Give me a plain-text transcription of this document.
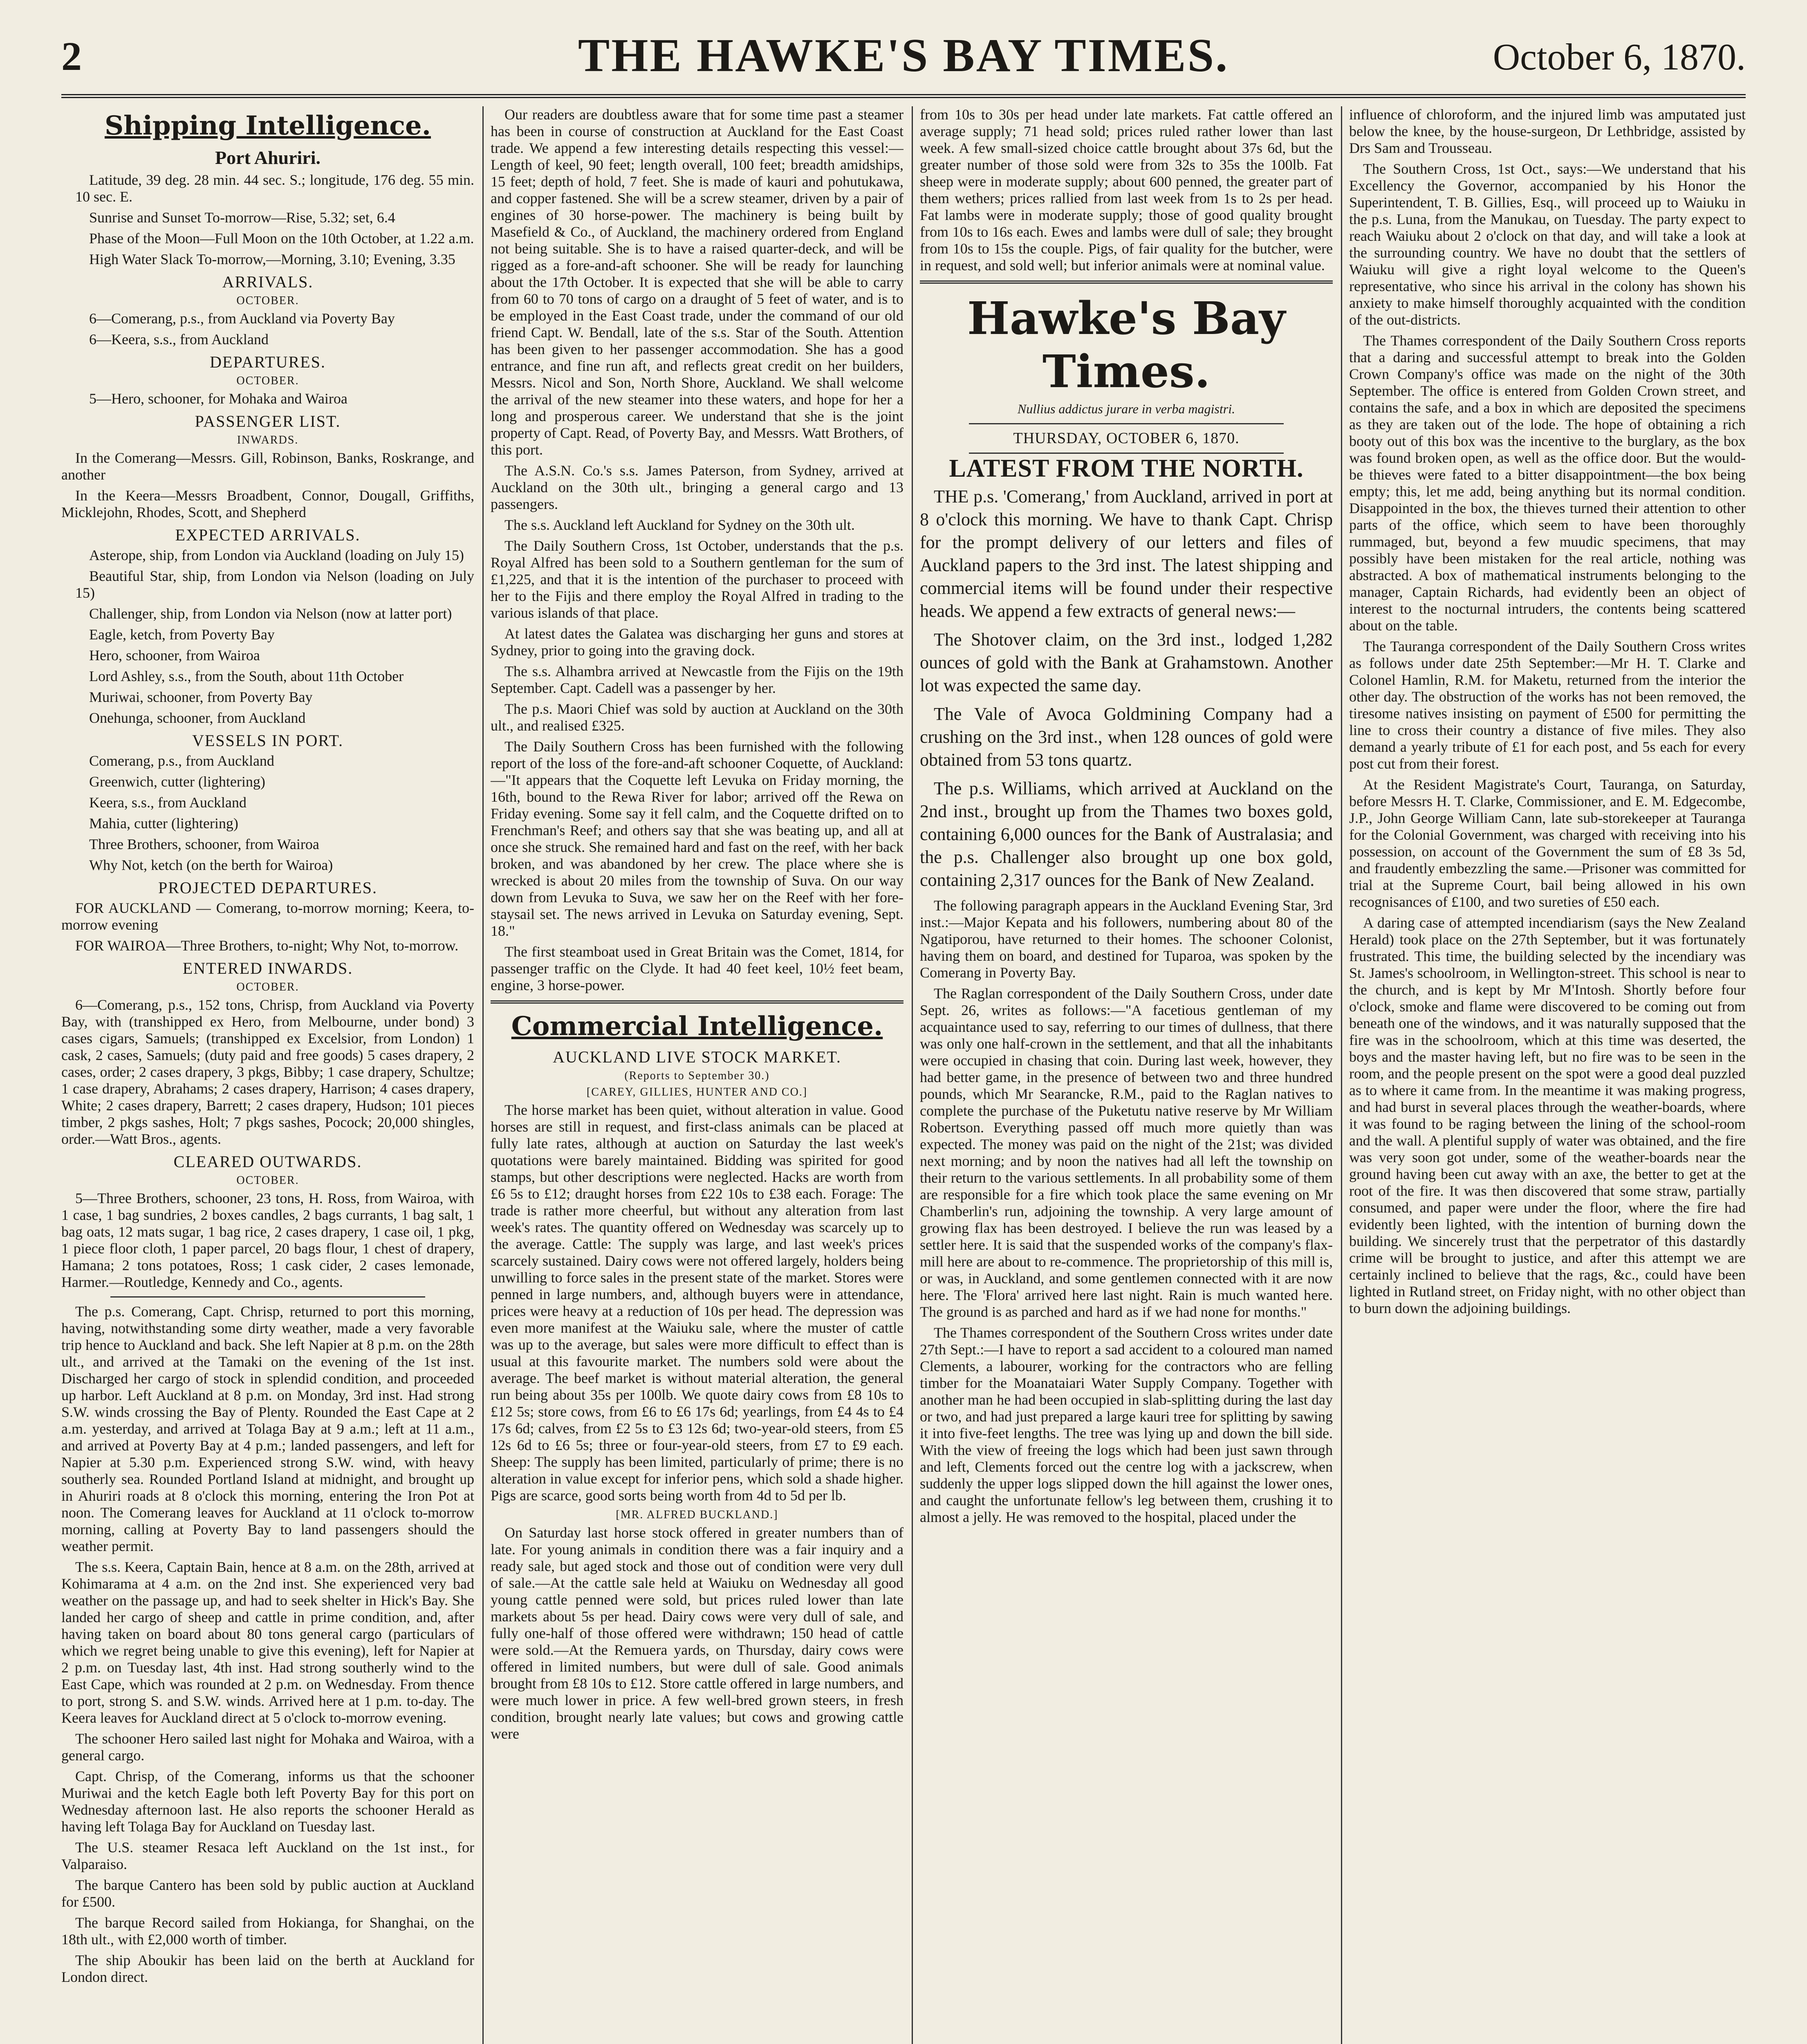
2	THE HAWKE'S BAY TIMES.	October 6, 1870.
Shipping Intelligence.
Port Ahuriri.

Latitude, 39 deg. 28 min. 44 sec. S.; longitude, 176 deg. 55 min. 10 sec. E.

Sunrise and Sunset To-morrow—Rise, 5.32; set, 6.4

Phase of the Moon—Full Moon on the 10th October, at 1.22 a.m.

High Water Slack To-morrow,—Morning, 3.10; Evening, 3.35

ARRIVALS.
OCTOBER.

6—Comerang, p.s., from Auckland via Poverty Bay

6—Keera, s.s., from Auckland

DEPARTURES.
OCTOBER.

5—Hero, schooner, for Mohaka and Wairoa

PASSENGER LIST.
INWARDS.

In the Comerang—Messrs. Gill, Robinson, Banks, Roskrange, and another

In the Keera—Messrs Broadbent, Connor, Dougall, Griffiths, Micklejohn, Rhodes, Scott, and Shepherd

EXPECTED ARRIVALS.

Asterope, ship, from London via Auckland (loading on July 15)

Beautiful Star, ship, from London via Nelson (loading on July 15)

Challenger, ship, from London via Nelson (now at latter port)

Eagle, ketch, from Poverty Bay

Hero, schooner, from Wairoa

Lord Ashley, s.s., from the South, about 11th October

Muriwai, schooner, from Poverty Bay

Onehunga, schooner, from Auckland

VESSELS IN PORT.

Comerang, p.s., from Auckland

Greenwich, cutter (lightering)

Keera, s.s., from Auckland

Mahia, cutter (lightering)

Three Brothers, schooner, from Wairoa

Why Not, ketch (on the berth for Wairoa)

PROJECTED DEPARTURES.

FOR AUCKLAND — Comerang, to-morrow morning; Keera, to-morrow evening

FOR WAIROA—Three Brothers, to-night; Why Not, to-morrow.

ENTERED INWARDS.
OCTOBER.

6—Comerang, p.s., 152 tons, Chrisp, from Auckland via Poverty Bay, with (transhipped ex Hero, from Melbourne, under bond) 3 cases cigars, Samuels; (transhipped ex Excelsior, from London) 1 cask, 2 cases, Samuels; (duty paid and free goods) 5 cases drapery, 2 cases, order; 2 cases drapery, 3 pkgs, Bibby; 1 case drapery, Schultze; 1 case drapery, Abrahams; 2 cases drapery, Harrison; 4 cases drapery, White; 2 cases drapery, Barrett; 2 cases drapery, Hudson; 101 pieces timber, 2 pkgs sashes, Holt; 7 pkgs sashes, Pocock; 20,000 shingles, order.—Watt Bros., agents.

CLEARED OUTWARDS.
OCTOBER.

5—Three Brothers, schooner, 23 tons, H. Ross, from Wairoa, with 1 case, 1 bag sundries, 2 boxes candles, 2 bags currants, 1 bag salt, 1 bag oats, 12 mats sugar, 1 bag rice, 2 cases drapery, 1 case oil, 1 pkg, 1 piece floor cloth, 1 paper parcel, 20 bags flour, 1 chest of drapery, Hamana; 2 tons potatoes, Ross; 1 cask cider, 2 cases lemonade, Harmer.—Routledge, Kennedy and Co., agents.

The p.s. Comerang, Capt. Chrisp, returned to port this morning, having, notwithstanding some dirty weather, made a very favorable trip hence to Auckland and back. She left Napier at 8 p.m. on the 28th ult., and arrived at the Tamaki on the evening of the 1st inst. Discharged her cargo of stock in splendid condition, and proceeded up harbor. Left Auckland at 8 p.m. on Monday, 3rd inst. Had strong S.W. winds crossing the Bay of Plenty. Rounded the East Cape at 2 a.m. yesterday, and arrived at Tolaga Bay at 9 a.m.; left at 11 a.m., and arrived at Poverty Bay at 4 p.m.; landed passengers, and left for Napier at 5.30 p.m. Experienced strong S.W. wind, with heavy southerly sea. Rounded Portland Island at midnight, and brought up in Ahuriri roads at 8 o'clock this morning, entering the Iron Pot at noon. The Comerang leaves for Auckland at 11 o'clock to-morrow morning, calling at Poverty Bay to land passengers should the weather permit.

The s.s. Keera, Captain Bain, hence at 8 a.m. on the 28th, arrived at Kohimarama at 4 a.m. on the 2nd inst. She experienced very bad weather on the passage up, and had to seek shelter in Hick's Bay. She landed her cargo of sheep and cattle in prime condition, and, after having taken on board about 80 tons general cargo (particulars of which we regret being unable to give this evening), left for Napier at 2 p.m. on Tuesday last, 4th inst. Had strong southerly wind to the East Cape, which was rounded at 2 p.m. on Wednesday. From thence to port, strong S. and S.W. winds. Arrived here at 1 p.m. to-day. The Keera leaves for Auckland direct at 5 o'clock to-morrow evening.

The schooner Hero sailed last night for Mohaka and Wairoa, with a general cargo.

Capt. Chrisp, of the Comerang, informs us that the schooner Muriwai and the ketch Eagle both left Poverty Bay for this port on Wednesday afternoon last. He also reports the schooner Herald as having left Tolaga Bay for Auckland on Tuesday last.

The U.S. steamer Resaca left Auckland on the 1st inst., for Valparaiso.

The barque Cantero has been sold by public auction at Auckland for £500.

The barque Record sailed from Hokianga, for Shanghai, on the 18th ult., with £2,000 worth of timber.

The ship Aboukir has been laid on the berth at Auckland for London direct.

Our readers are doubtless aware that for some time past a steamer has been in course of construction at Auckland for the East Coast trade. We append a few interesting details respecting this vessel:—Length of keel, 90 feet; length overall, 100 feet; breadth amidships, 15 feet; depth of hold, 7 feet. She is made of kauri and pohutukawa, and copper fastened. She will be a screw steamer, driven by a pair of engines of 30 horse-power. The machinery is being built by Masefield & Co., of Auckland, the machinery ordered from England not being suitable. She is to have a raised quarter-deck, and will be rigged as a fore-and-aft schooner. She will be ready for launching about the 17th October. It is expected that she will be able to carry from 60 to 70 tons of cargo on a draught of 5 feet of water, and is to be employed in the East Coast trade, under the command of our old friend Capt. W. Bendall, late of the s.s. Star of the South. Attention has been given to her passenger accommodation. She has a good entrance, and fine run aft, and reflects great credit on her builders, Messrs. Nicol and Son, North Shore, Auckland. We shall welcome the arrival of the new steamer into these waters, and hope for her a long and prosperous career. We understand that she is the joint property of Capt. Read, of Poverty Bay, and Messrs. Watt Brothers, of this port.

The A.S.N. Co.'s s.s. James Paterson, from Sydney, arrived at Auckland on the 30th ult., bringing a general cargo and 13 passengers.

The s.s. Auckland left Auckland for Sydney on the 30th ult.

The Daily Southern Cross, 1st October, understands that the p.s. Royal Alfred has been sold to a Southern gentleman for the sum of £1,225, and that it is the intention of the purchaser to proceed with her to the Fijis and there employ the Royal Alfred in trading to the various islands of that place.

At latest dates the Galatea was discharging her guns and stores at Sydney, prior to going into the graving dock.

The s.s. Alhambra arrived at Newcastle from the Fijis on the 19th September. Capt. Cadell was a passenger by her.

The p.s. Maori Chief was sold by auction at Auckland on the 30th ult., and realised £325.

The Daily Southern Cross has been furnished with the following report of the loss of the fore-and-aft schooner Coquette, of Auckland:—"It appears that the Coquette left Levuka on Friday morning, the 16th, bound to the Rewa River for labor; arrived off the Rewa on Friday evening. Some say it fell calm, and the Coquette drifted on to Frenchman's Reef; and others say that she was beating up, and all at once she struck. She remained hard and fast on the reef, with her back broken, and was abandoned by her crew. The place where she is wrecked is about 20 miles from the township of Suva. On our way down from Levuka to Suva, we saw her on the Reef with her fore-staysail set. The news arrived in Levuka on Saturday evening, Sept. 18."

The first steamboat used in Great Britain was the Comet, 1814, for passenger traffic on the Clyde. It had 40 feet keel, 10½ feet beam, engine, 3 horse-power.

Commercial Intelligence.
AUCKLAND LIVE STOCK MARKET.
(Reports to September 30.)
[CAREY, GILLIES, HUNTER AND CO.]

The horse market has been quiet, without alteration in value. Good horses are still in request, and first-class animals can be placed at fully late rates, although at auction on Saturday the last week's quotations were barely maintained. Bidding was spirited for good stamps, but other descriptions were neglected. Hacks are worth from £6 5s to £12; draught horses from £22 10s to £38 each. Forage: The trade is rather more cheerful, but without any alteration from last week's rates. The quantity offered on Wednesday was scarcely up to the average. Cattle: The supply was large, and last week's prices scarcely sustained. Dairy cows were not offered largely, holders being unwilling to force sales in the present state of the market. Stores were penned in large numbers, and, although buyers were in attendance, prices were heavy at a reduction of 10s per head. The depression was even more manifest at the Waiuku sale, where the muster of cattle was up to the average, but sales were more difficult to effect than is usual at this favourite market. The numbers sold were about the average. The beef market is without material alteration, the general run being about 35s per 100lb. We quote dairy cows from £8 10s to £12 5s; store cows, from £6 to £6 17s 6d; yearlings, from £4 4s to £4 17s 6d; calves, from £2 5s to £3 12s 6d; two-year-old steers, from £5 12s 6d to £6 5s; three or four-year-old steers, from £7 to £9 each. Sheep: The supply has been limited, particularly of prime; there is no alteration in value except for inferior pens, which sold a shade higher. Pigs are scarce, good sorts being worth from 4d to 5d per lb.

[MR. ALFRED BUCKLAND.]

On Saturday last horse stock offered in greater numbers than of late. For young animals in condition there was a fair inquiry and a ready sale, but aged stock and those out of condition were very dull of sale.—At the cattle sale held at Waiuku on Wednesday all good young cattle penned were sold, but prices ruled lower than late markets about 5s per head. Dairy cows were very dull of sale, and fully one-half of those offered were withdrawn; 150 head of cattle were sold.—At the Remuera yards, on Thursday, dairy cows were offered in limited numbers, but were dull of sale. Good animals brought from £8 10s to £12. Store cattle offered in large numbers, and were much lower in price. A few well-bred grown steers, in fresh condition, brought nearly late values; but cows and growing cattle were

from 10s to 30s per head under late markets. Fat cattle offered an average supply; 71 head sold; prices ruled rather lower than last week. A few small-sized choice cattle brought about 37s 6d, but the greater number of those sold were from 32s to 35s the 100lb. Fat sheep were in moderate supply; about 600 penned, the greater part of them wethers; prices rallied from last week from 1s to 2s per head. Fat lambs were in moderate supply; those of good quality brought from 10s to 16s each. Ewes and lambs were dull of sale; they brought from 10s to 15s the couple. Pigs, of fair quality for the butcher, were in request, and sold well; but inferior animals were at nominal value.

Hawke's Bay Times.
Nullius addictus jurare in verba magistri.
THURSDAY, OCTOBER 6, 1870.
LATEST FROM THE NORTH.

THE p.s. 'Comerang,' from Auckland, arrived in port at 8 o'clock this morning. We have to thank Capt. Chrisp for the prompt delivery of our letters and files of Auckland papers to the 3rd inst. The latest shipping and commercial items will be found under their respective heads. We append a few extracts of general news:—

The Shotover claim, on the 3rd inst., lodged 1,282 ounces of gold with the Bank at Grahamstown. Another lot was expected the same day.

The Vale of Avoca Goldmining Company had a crushing on the 3rd inst., when 128 ounces of gold were obtained from 53 tons quartz.

The p.s. Williams, which arrived at Auckland on the 2nd inst., brought up from the Thames two boxes gold, containing 6,000 ounces for the Bank of Australasia; and the p.s. Challenger also brought up one box gold, containing 2,317 ounces for the Bank of New Zealand.

The following paragraph appears in the Auckland Evening Star, 3rd inst.:—Major Kepata and his followers, numbering about 80 of the Ngatiporou, have returned to their homes. The schooner Colonist, having them on board, and destined for Tuparoa, was spoken by the Comerang in Poverty Bay.

The Raglan correspondent of the Daily Southern Cross, under date Sept. 26, writes as follows:—"A facetious gentleman of my acquaintance used to say, referring to our times of dullness, that there was only one half-crown in the settlement, and that all the inhabitants were occupied in chasing that coin. During last week, however, they had better game, in the presence of between two and three hundred pounds, which Mr Searancke, R.M., paid to the Raglan natives to complete the purchase of the Puketutu native reserve by Mr William Robertson. Everything passed off much more quietly than was expected. The money was paid on the night of the 21st; was divided next morning; and by noon the natives had all left the township on their return to the various settlements. In all probability some of them are responsible for a fire which took place the same evening on Mr Chamberlin's run, adjoining the township. A very large amount of growing flax has been destroyed. I believe the run was leased by a settler here. It is said that the suspended works of the company's flax-mill here are about to re-commence. The proprietorship of this mill is, or was, in Auckland, and some gentlemen connected with it are now here. The 'Flora' arrived here last night. Rain is much wanted here. The ground is as parched and hard as if we had none for months."

The Thames correspondent of the Southern Cross writes under date 27th Sept.:—I have to report a sad accident to a coloured man named Clements, a labourer, working for the contractors who are felling timber for the Moanataiari Water Supply Company. Together with another man he had been occupied in slab-splitting during the last day or two, and had just prepared a large kauri tree for splitting by sawing it into five-feet lengths. The tree was lying up and down the bill side. With the view of freeing the logs which had been just sawn through and left, Clements forced out the centre log with a jackscrew, when suddenly the upper logs slipped down the hill against the lower ones, and caught the unfortunate fellow's leg between them, crushing it to almost a jelly. He was removed to the hospital, placed under the

influence of chloroform, and the injured limb was amputated just below the knee, by the house-surgeon, Dr Lethbridge, assisted by Drs Sam and Trousseau.

The Southern Cross, 1st Oct., says:—We understand that his Excellency the Governor, accompanied by his Honor the Superintendent, T. B. Gillies, Esq., will proceed up to Waiuku in the p.s. Luna, from the Manukau, on Tuesday. The party expect to reach Waiuku about 2 o'clock on that day, and will take a look at the surrounding country. We have no doubt that the settlers of Waiuku will give a right loyal welcome to the Queen's representative, who since his arrival in the colony has shown his anxiety to make himself thoroughly acquainted with the condition of the out-districts.

The Thames correspondent of the Daily Southern Cross reports that a daring and successful attempt to break into the Golden Crown Company's office was made on the night of the 30th September. The office is entered from Golden Crown street, and contains the safe, and a box in which are deposited the specimens as they are taken out of the lode. The hope of obtaining a rich booty out of this box was the incentive to the burglary, as the box was found broken open, as well as the office door. But the would-be thieves were fated to a bitter disappointment—the box being empty; this, let me add, being anything but its normal condition. Disappointed in the box, the thieves turned their attention to other parts of the office, which seem to have been thoroughly rummaged, but, beyond a few muudic specimens, that may possibly have been mistaken for the real article, nothing was abstracted. A box of mathematical instruments belonging to the manager, Captain Richards, had evidently been an object of interest to the nocturnal intruders, the contents being scattered about on the table.

The Tauranga correspondent of the Daily Southern Cross writes as follows under date 25th September:—Mr H. T. Clarke and Colonel Hamlin, R.M. for Maketu, returned from the interior the other day. The obstruction of the works has not been removed, the tiresome natives insisting on payment of £500 for permitting the line to cross their country a distance of five miles. They also demand a yearly tribute of £1 for each post, and 5s each for every post cut from their forest.

At the Resident Magistrate's Court, Tauranga, on Saturday, before Messrs H. T. Clarke, Commissioner, and E. M. Edgecombe, J.P., John George William Cann, late sub-storekeeper at Tauranga for the Colonial Government, was charged with receiving into his possession, on account of the Government the sum of £8 3s 5d, and fraudently embezzling the same.—Prisoner was committed for trial at the Supreme Court, bail being allowed in his own recognisances of £100, and two sureties of £50 each.

A daring case of attempted incendiarism (says the New Zealand Herald) took place on the 27th September, but it was fortunately frustrated. This time, the building selected by the incendiary was St. James's schoolroom, in Wellington-street. This school is near to the church, and is kept by Mr M'Intosh. Shortly before four o'clock, smoke and flame were discovered to be coming out from beneath one of the windows, and it was naturally supposed that the fire was in the schoolroom, which at this time was deserted, the boys and the master having left, but no fire was to be seen in the room, and the people present on the spot were a good deal puzzled as to where it came from. In the meantime it was making progress, and had burst in several places through the weather-boards, where it was found to be raging between the lining of the school-room and the wall. A plentiful supply of water was obtained, and the fire was very soon got under, some of the weather-boards near the ground having been cut away with an axe, the better to get at the root of the fire. It was then discovered that some straw, partially consumed, and paper were under the floor, where the fire had evidently been lighted, with the intention of burning down the building. We sincerely trust that the perpetrator of this dastardly crime will be brought to justice, and after this attempt we are certainly inclined to believe that the rags, &c., could have been lighted in Rutland street, on Friday night, with no other object than to burn down the adjoining buildings.
